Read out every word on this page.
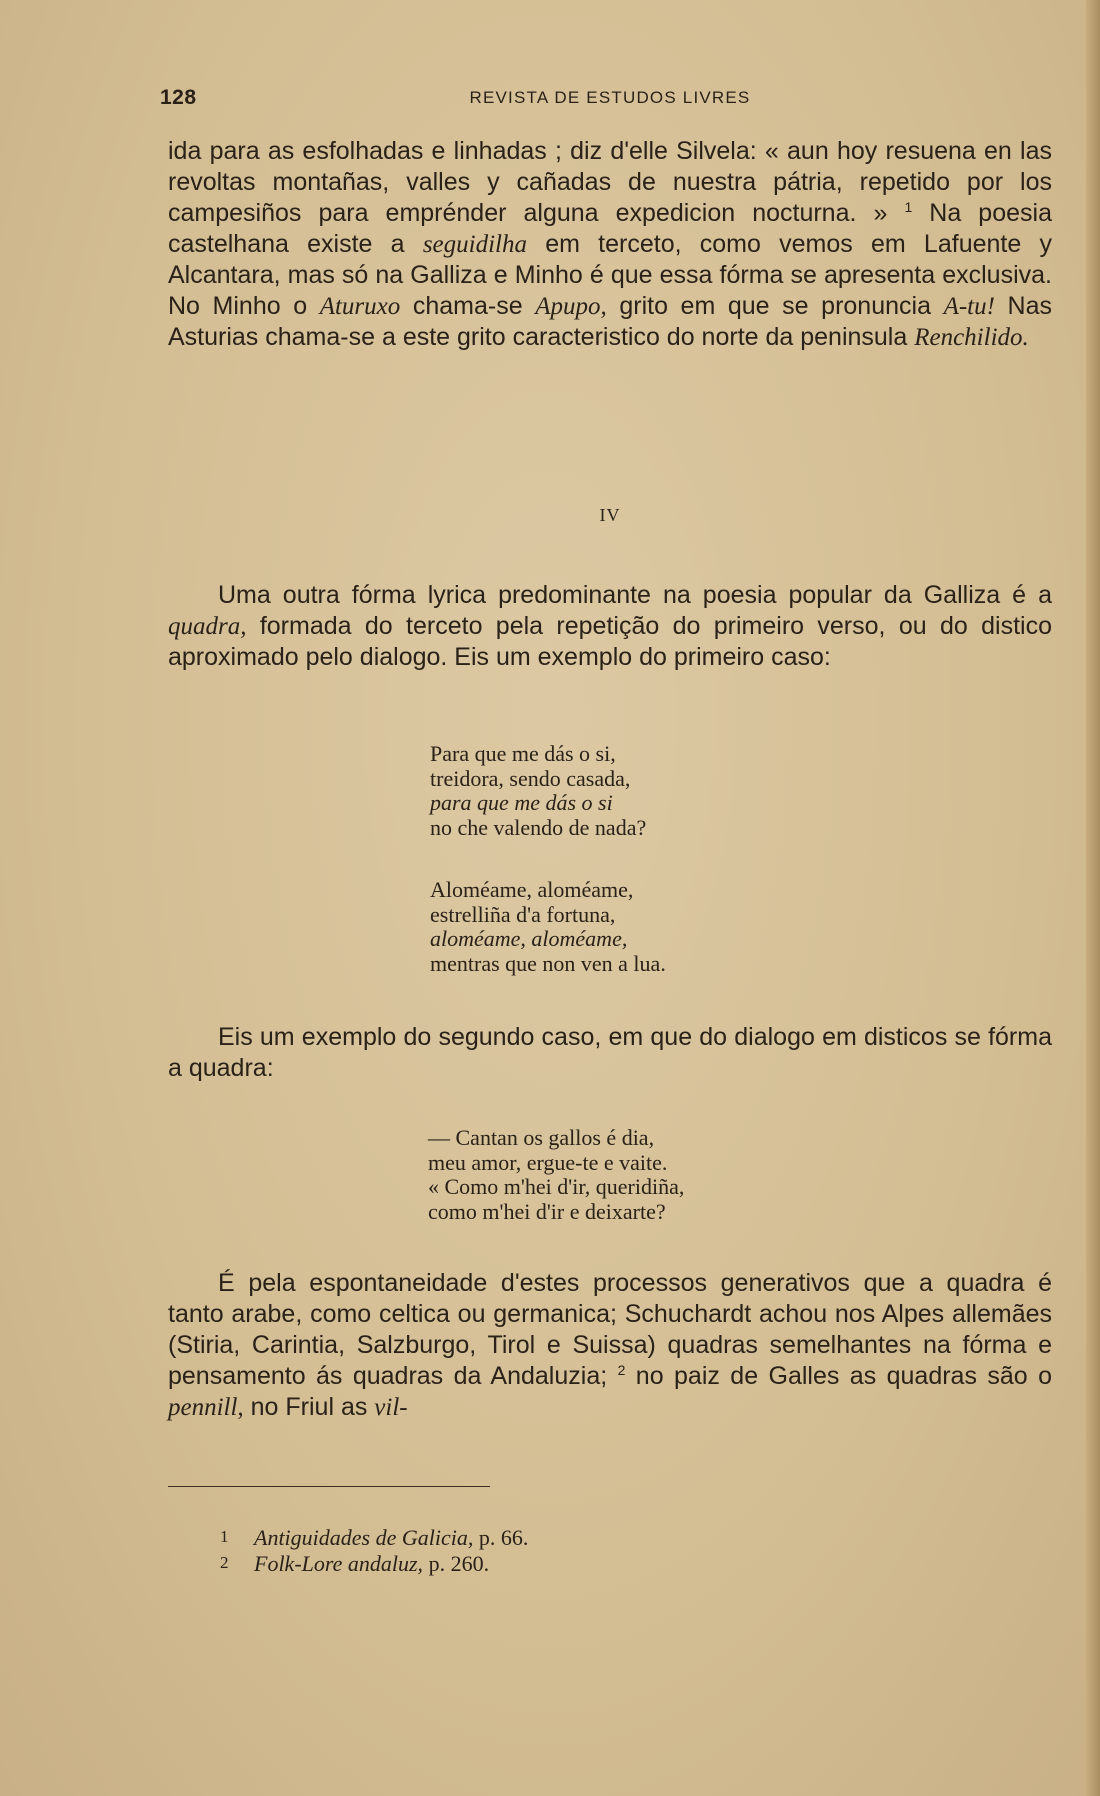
128	REVISTA DE ESTUDOS LIVRES

ida para as esfolhadas e linhadas ; diz d'elle Silvela: « aun hoy resuena en las revoltas montañas, valles y cañadas de nuestra pátria, repetido por los campesiños para emprénder alguna expedicion nocturna. » $^1$ Na poesia castelhana existe a seguidilha em terceto, como vemos em Lafuente y Alcantara, mas só na Galliza e Minho é que essa fórma se apresenta exclusiva. No Minho o Aturuxo chama-se Apupo, grito em que se pronuncia A-tu! Nas Asturias chama-se a este grito caracteristico do norte da peninsula Renchilido.

IV

Uma outra fórma lyrica predominante na poesia popular da Galliza é a quadra, formada do terceto pela repetição do primeiro verso, ou do distico aproximado pelo dialogo. Eis um exemplo do primeiro caso:

Para que me dás o si,
treidora, sendo casada,
para que me dás o si
no che valendo de nada?
Aloméame, aloméame,
estrelliña d'a fortuna,
aloméame, aloméame,
mentras que non ven a lua.

Eis um exemplo do segundo caso, em que do dialogo em disticos se fórma a quadra:

— Cantan os gallos é dia,
meu amor, ergue-te e vaite.
« Como m'hei d'ir, queridiña,
como m'hei d'ir e deixarte?

É pela espontaneidade d'estes processos generativos que a quadra é tanto arabe, como celtica ou germanica; Schuchardt achou nos Alpes allemães (Stiria, Carintia, Salzburgo, Tirol e Suissa) quadras semelhantes na fórma e pensamento ás quadras da Andaluzia; $^2$ no paiz de Galles as quadras são o pennill, no Friul as vil-

1 Antiguidades de Galicia, p. 66.
2 Folk-Lore andaluz, p. 260.
